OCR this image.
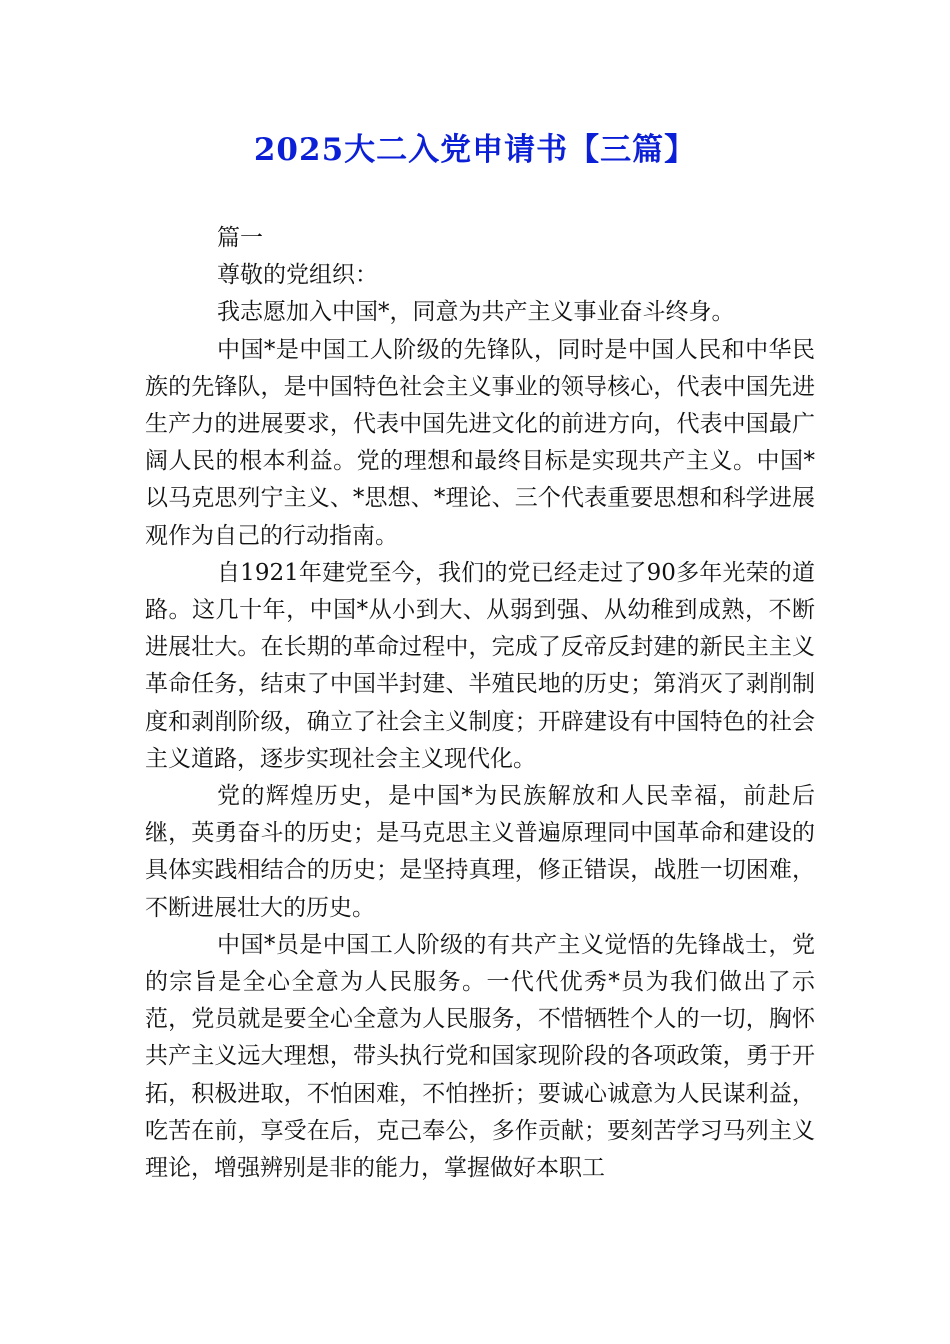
2025大二入党申请书【三篇】

篇一

尊敬的党组织：

我志愿加入中国*，同意为共产主义事业奋斗终身。

中国*是中国工人阶级的先锋队，同时是中国人民和中华民族的先锋队，是中国特色社会主义事业的领导核心，代表中国先进生产力的进展要求，代表中国先进文化的前进方向，代表中国最广阔人民的根本利益。党的理想和最终目标是实现共产主义。中国*以马克思列宁主义、*思想、*理论、三个代表重要思想和科学进展观作为自己的行动指南。

自1921年建党至今，我们的党已经走过了90多年光荣的道路。这几十年，中国*从小到大、从弱到强、从幼稚到成熟，不断进展壮大。在长期的革命过程中，完成了反帝反封建的新民主主义革命任务，结束了中国半封建、半殖民地的历史；第消灭了剥削制度和剥削阶级，确立了社会主义制度；开辟建设有中国特色的社会主义道路，逐步实现社会主义现代化。

党的辉煌历史，是中国*为民族解放和人民幸福，前赴后继，英勇奋斗的历史；是马克思主义普遍原理同中国革命和建设的具体实践相结合的历史；是坚持真理，修正错误，战胜一切困难，不断进展壮大的历史。

中国*员是中国工人阶级的有共产主义觉悟的先锋战士，党的宗旨是全心全意为人民服务。一代代优秀*员为我们做出了示范，党员就是要全心全意为人民服务，不惜牺牲个人的一切，胸怀共产主义远大理想，带头执行党和国家现阶段的各项政策，勇于开拓，积极进取，不怕困难，不怕挫折；要诚心诚意为人民谋利益，吃苦在前，享受在后，克己奉公，多作贡献；要刻苦学习马列主义理论，增强辨别是非的能力，掌握做好本职工
